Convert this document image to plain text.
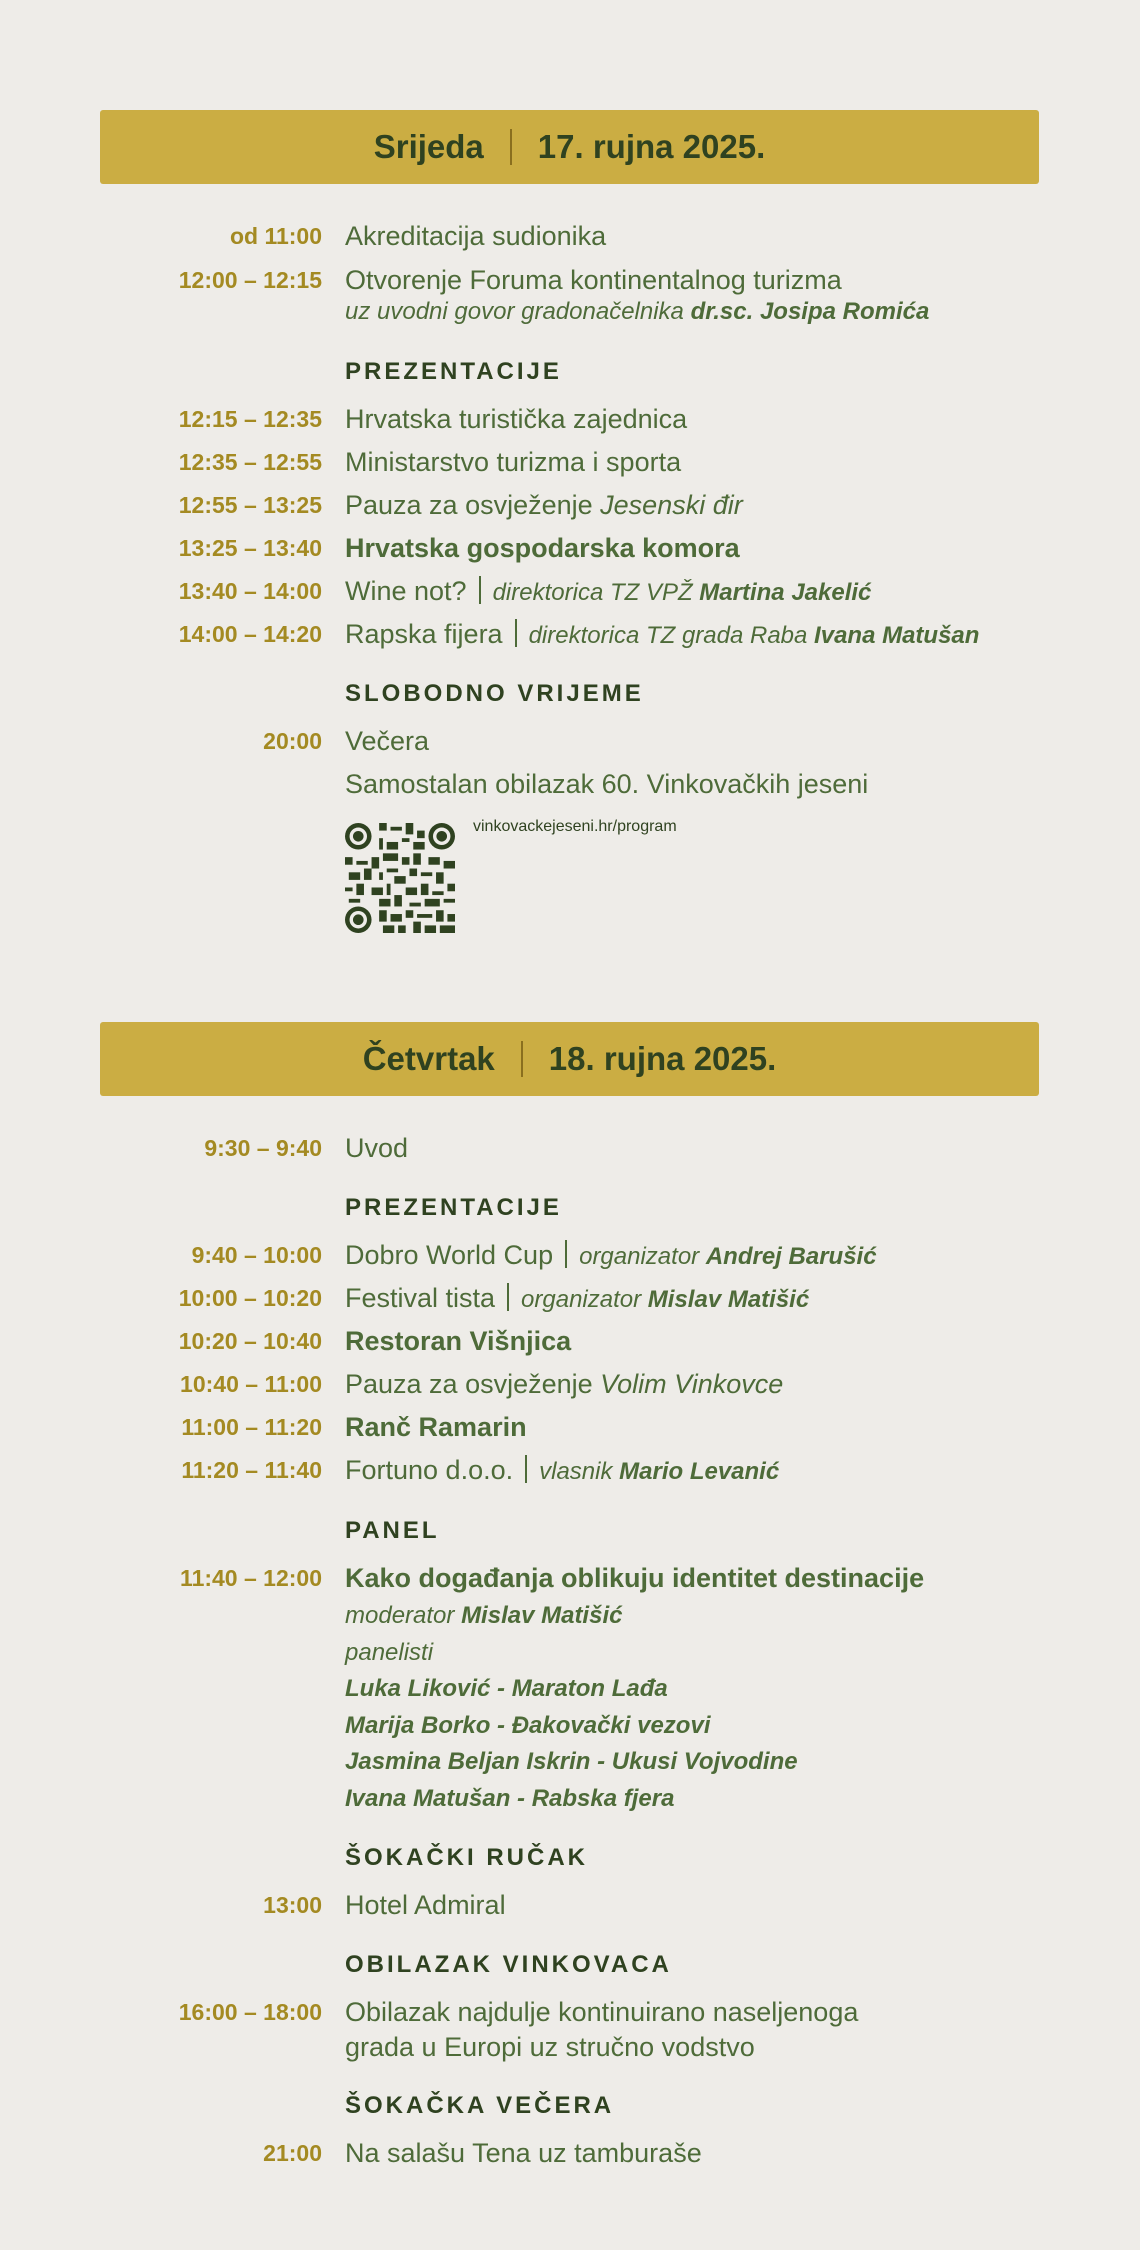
Srijeda 17. rujna 2025.
od 11:00 Akreditacija sudionika
12:00 – 12:15 Otvorenje Foruma kontinentalnog turizma
uz uvodni govor gradonačelnika dr.sc. Josipa Romića
PREZENTACIJE
12:15 – 12:35 Hrvatska turistička zajednica
12:35 – 12:55 Ministarstvo turizma i sporta
12:55 – 13:25 Pauza za osvježenje Jesenski đir
13:25 – 13:40 Hrvatska gospodarska komora
13:40 – 14:00 Wine not? direktorica TZ VPŽ Martina Jakelić
14:00 – 14:20 Rapska fijera direktorica TZ grada Raba Ivana Matušan
SLOBODNO VRIJEME
20:00 Večera
Samostalan obilazak 60. Vinkovačkih jeseni
vinkovackejeseni.hr/program
Četvrtak 18. rujna 2025.
9:30 – 9:40 Uvod
PREZENTACIJE
9:40 – 10:00 Dobro World Cup organizator Andrej Barušić
10:00 – 10:20 Festival tista organizator Mislav Matišić
10:20 – 10:40 Restoran Višnjica
10:40 – 11:00 Pauza za osvježenje Volim Vinkovce
11:00 – 11:20 Ranč Ramarin
11:20 – 11:40 Fortuno d.o.o. vlasnik Mario Levanić
PANEL
11:40 – 12:00 Kako događanja oblikuju identitet destinacije
moderator Mislav Matišić
panelisti
Luka Liković - Maraton Lađa
Marija Borko - Đakovački vezovi
Jasmina Beljan Iskrin - Ukusi Vojvodine
Ivana Matušan - Rabska fjera
ŠOKAČKI RUČAK
13:00 Hotel Admiral
OBILAZAK VINKOVACA
16:00 – 18:00 Obilazak najdulje kontinuirano naseljenoga
grada u Europi uz stručno vodstvo
ŠOKAČKA VEČERA
21:00 Na salašu Tena uz tamburaše
